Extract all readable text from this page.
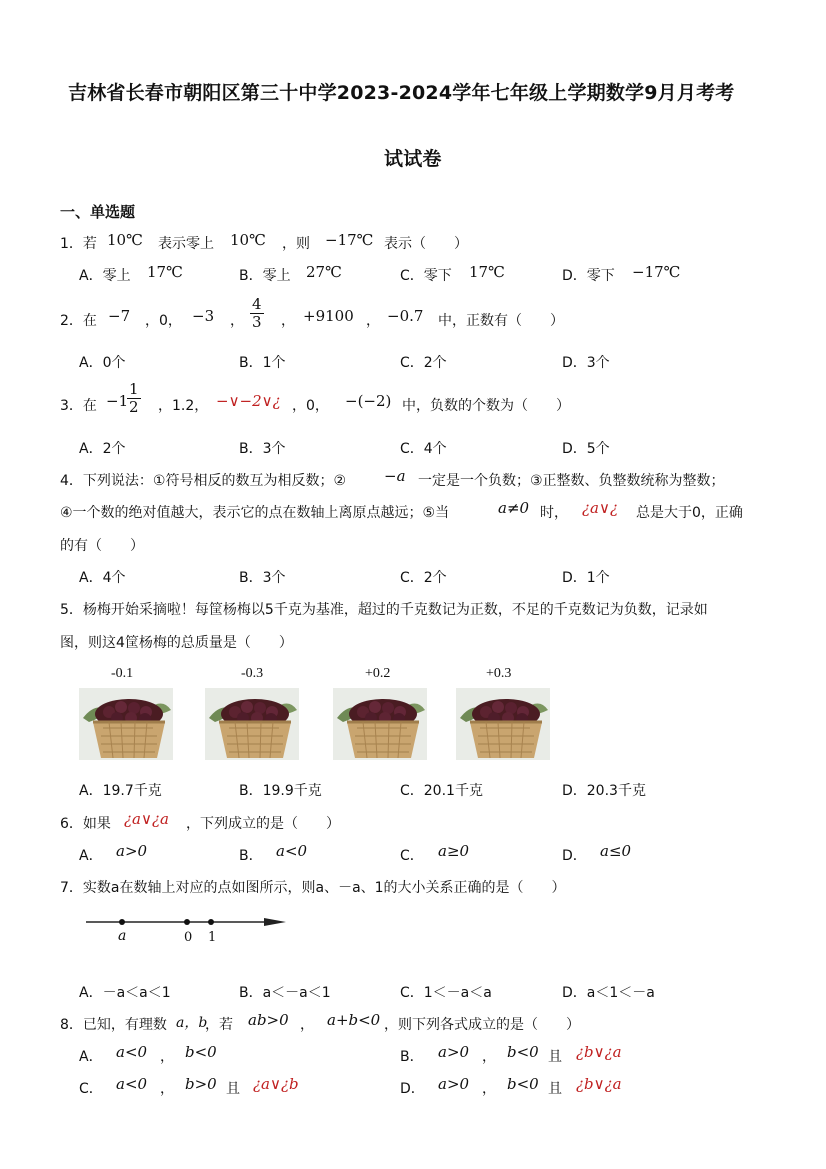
吉林省长春市朝阳区第三十中学2023-2024学年七年级上学期数学9月月考考
试试卷
一、单选题
1．若 10℃ 表示零上 10℃ ，则 −17℃ 表示（　　）
A．零上 17℃	B．零上 27℃	C．零下 17℃	D．零下 −17℃
2．在 −7 ，0， −3 ， $\frac{4}{3}$ ， +9100 ， −0.7 中，正数有（　　）
A．0个	B．1个	C．2个	D．3个
3．在 −1
$\frac{1}{2}$ ，1.2， −∨−2∨¿ ，0， −(−2) 中，负数的个数为（　　）
A．2个	B．3个	C．4个	D．5个
4．下列说法：①符号相反的数互为相反数；②	−a 一定是一个负数；③正整数、负整数统称为整数；
④一个数的绝对值越大，表示它的点在数轴上离原点越远；⑤当	a≠0 时， ¿a∨¿ 总是大于0，正确
的有（　　）
A．4个	B．3个	C．2个	D．1个
5．杨梅开始采摘啦！每筐杨梅以5千克为基准，超过的千克数记为正数，不足的千克数记为负数，记录如
图，则这4筐杨梅的总质量是（　　）
-0.1	-0.3	+0.2	+0.3
A．19.7千克	B．19.9千克	C．20.1千克	D．20.3千克
6．如果 ¿a∨¿a ，下列成立的是（　　）
A． a>0	B． a<0	C． a≥0	D． a≤0
7．实数a在数轴上对应的点如图所示，则a、－a、1的大小关系正确的是（　　）
a	0 1
A．－a＜a＜1	B．a＜－a＜1	C．1＜－a＜a	D．a＜1＜－a
8．已知，有理数 a，b
，若 ab>0 ， a+b<0 ，则下列各式成立的是（　　）
A． a<0 ， b<0	B． a>0 ， b<0 且 ¿b∨¿a
C． a<0 ， b>0 且 ¿a∨¿b	D． a>0 ， b<0 且 ¿b∨¿a
